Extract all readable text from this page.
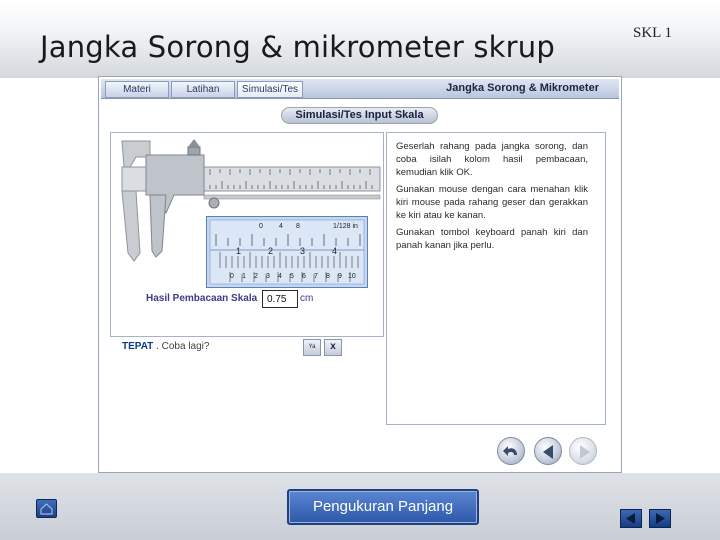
Jangka Sorong & mikrometer skrup	SKL 1
Materi	Latihan	Simulasi/Tes	Jangka Sorong & Mikrometer
Simulasi/Tes Input Skala
0 4 8	1/128 in
1	2	3	4
0 1 2 3 4 5 6 7 8 9 10
Hasil Pembacaan Skala
0.75	cm
TEPAT . Coba lagi?	Ya	x

Geserlah rahang pada jangka sorong, dan coba isilah kolom hasil pembacaan, kemudian klik OK.

Gunakan mouse dengan cara menahan klik kiri mouse pada rahang geser dan gerakkan ke kiri atau ke kanan.

Gunakan tombol keyboard panah kiri dan panah kanan jika perlu.

Pengukuran Panjang
